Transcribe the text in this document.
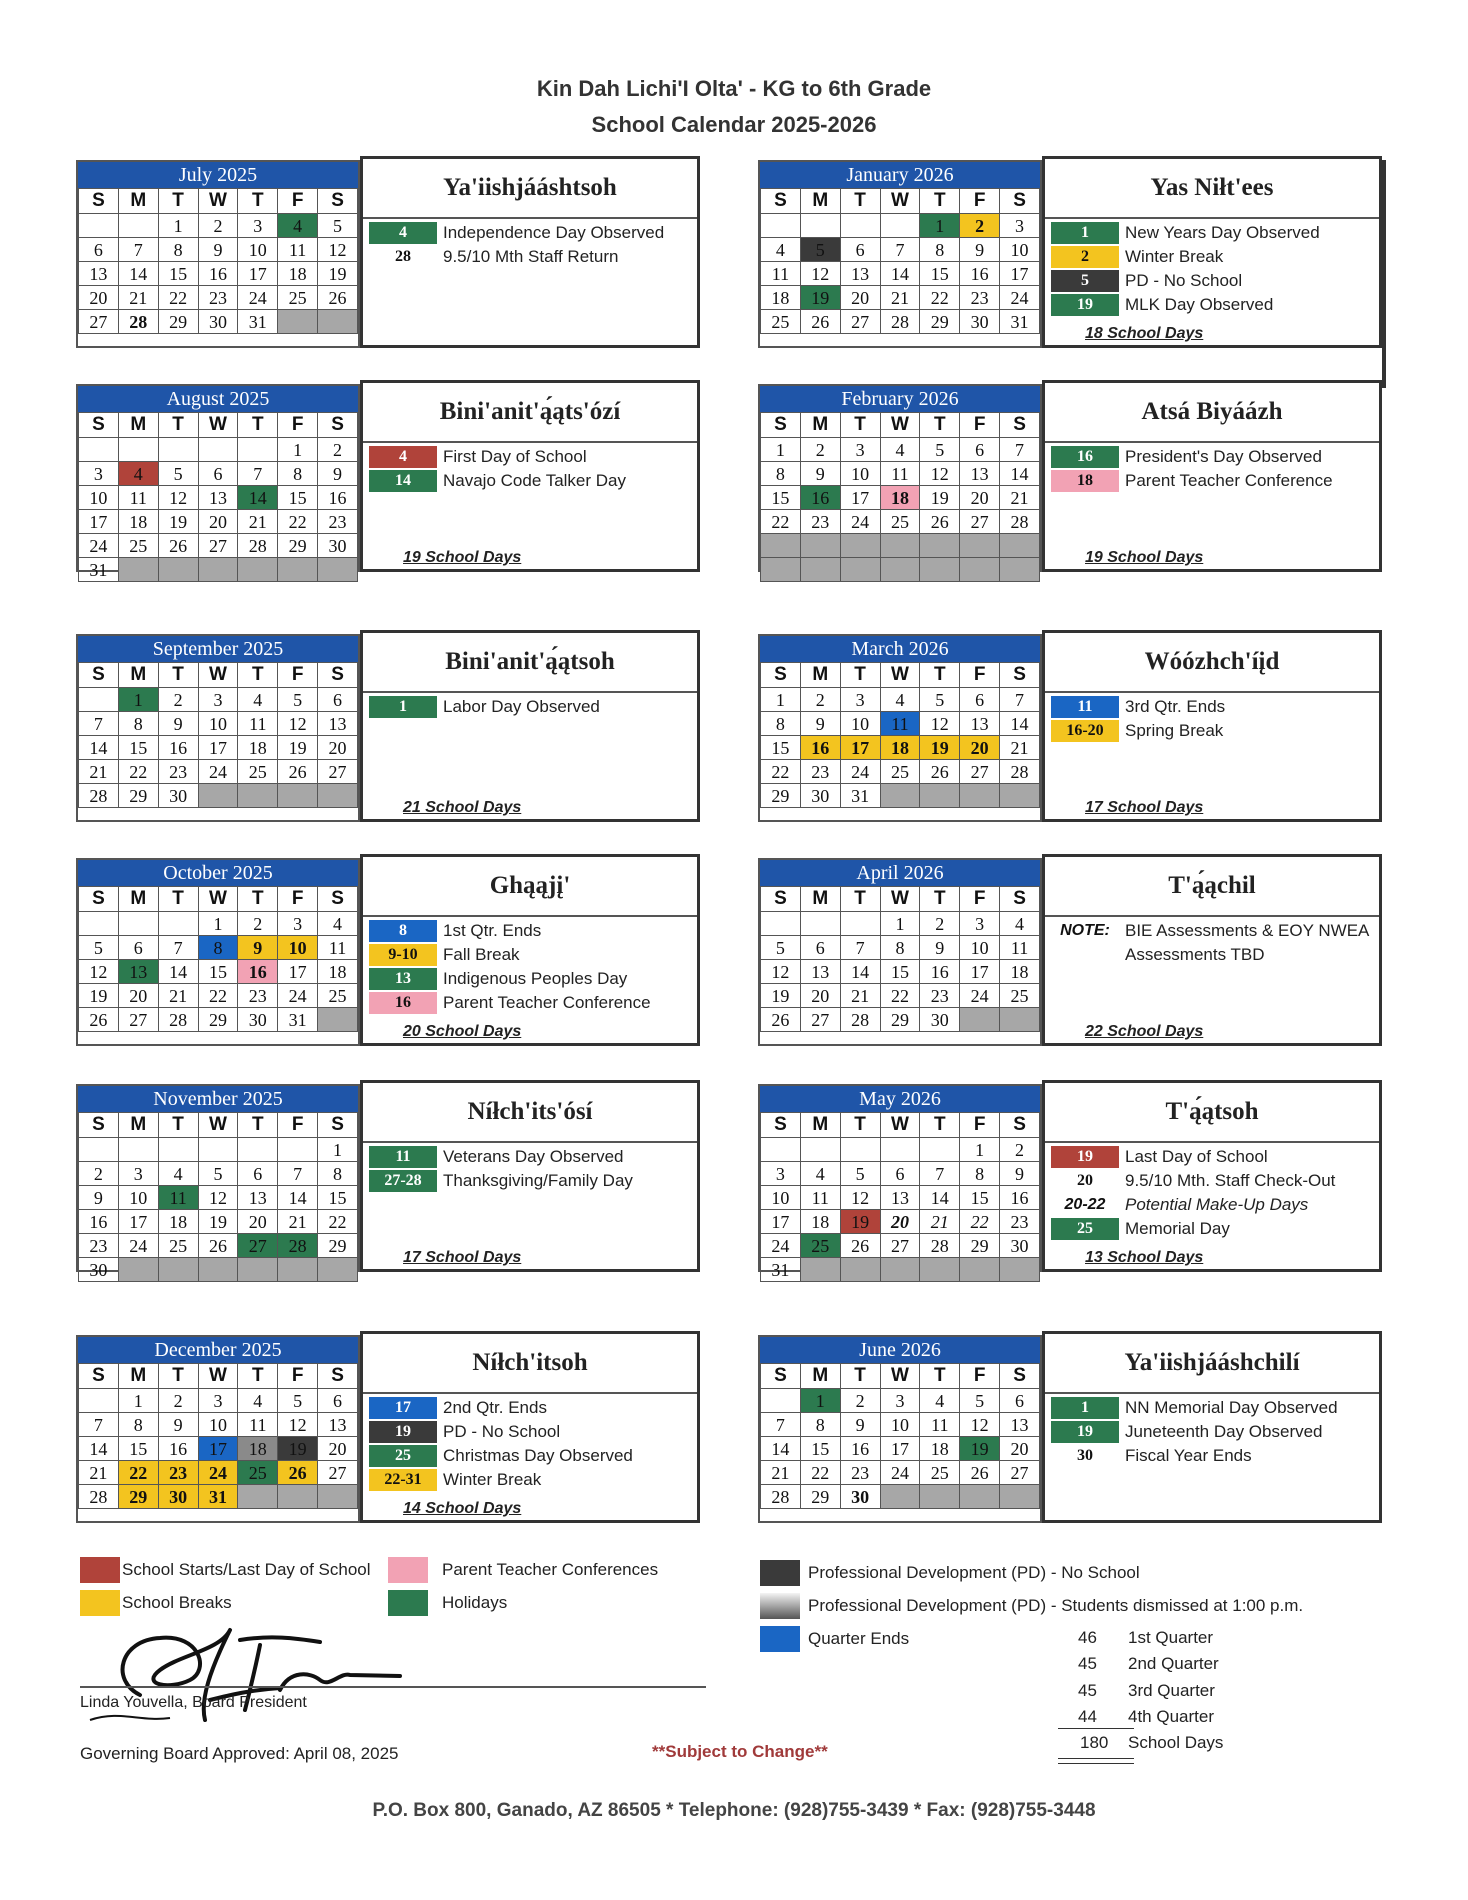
Kin Dah Lichi'I Olta' - KG to 6th Grade
School Calendar 2025-2026
July 2025
S	M	T	W	T	F	S
		1	2	3	4	5
6	7	8	9	10	11	12
13	14	15	16	17	18	19
20	21	22	23	24	25	26
27	28	29	30	31		
Ya'iishjááshtsoh
4	Independence Day Observed
28	9.5/10 Mth Staff Return
January 2026
S	M	T	W	T	F	S
				1	2	3
4	5	6	7	8	9	10
11	12	13	14	15	16	17
18	19	20	21	22	23	24
25	26	27	28	29	30	31
Yas Niłt'ees
1	New Years Day Observed
2	Winter Break
5	PD - No School
19	MLK Day Observed
18 School Days
August 2025
S	M	T	W	T	F	S
					1	2
3	4	5	6	7	8	9
10	11	12	13	14	15	16
17	18	19	20	21	22	23
24	25	26	27	28	29	30
31						
Bini'anit'ą́ąts'ózí
4	First Day of School
14	Navajo Code Talker Day
19 School Days
February 2026
S	M	T	W	T	F	S
1	2	3	4	5	6	7
8	9	10	11	12	13	14
15	16	17	18	19	20	21
22	23	24	25	26	27	28

Atsá Biyáázh
16	President's Day Observed
18	Parent Teacher Conference
19 School Days
September 2025
S	M	T	W	T	F	S
	1	2	3	4	5	6
7	8	9	10	11	12	13
14	15	16	17	18	19	20
21	22	23	24	25	26	27
28	29	30				
Bini'anit'ą́ątsoh
1	Labor Day Observed
21 School Days
March 2026
S	M	T	W	T	F	S
1	2	3	4	5	6	7
8	9	10	11	12	13	14
15	16	17	18	19	20	21
22	23	24	25	26	27	28
29	30	31				
Wóózhch'íįd
11	3rd Qtr. Ends
16-20	Spring Break
17 School Days
October 2025
S	M	T	W	T	F	S
			1	2	3	4
5	6	7	8	9	10	11
12	13	14	15	16	17	18
19	20	21	22	23	24	25
26	27	28	29	30	31	
Ghąąjį'
8	1st Qtr. Ends
9-10	Fall Break
13	Indigenous Peoples Day
16	Parent Teacher Conference
20 School Days
April 2026
S	M	T	W	T	F	S
			1	2	3	4
5	6	7	8	9	10	11
12	13	14	15	16	17	18
19	20	21	22	23	24	25
26	27	28	29	30		
T'ą́ąchil
NOTE: BIE Assessments & EOY NWEA
Assessments TBD
22 School Days
November 2025
S	M	T	W	T	F	S
						1
2	3	4	5	6	7	8
9	10	11	12	13	14	15
16	17	18	19	20	21	22
23	24	25	26	27	28	29
30						
Níłch'its'ósí
11	Veterans Day Observed
27-28	Thanksgiving/Family Day
17 School Days
May 2026
S	M	T	W	T	F	S
					1	2
3	4	5	6	7	8	9
10	11	12	13	14	15	16
17	18	19	20	21	22	23
24	25	26	27	28	29	30
31						
T'ą́ątsoh
19	Last Day of School
20	9.5/10 Mth. Staff Check-Out
20-22	Potential Make-Up Days
25	Memorial Day
13 School Days
December 2025
S	M	T	W	T	F	S
	1	2	3	4	5	6
7	8	9	10	11	12	13
14	15	16	17	18	19	20
21	22	23	24	25	26	27
28	29	30	31			
Níłch'itsoh
17	2nd Qtr. Ends
19	PD - No School
25	Christmas Day Observed
22-31	Winter Break
14 School Days
June 2026
S	M	T	W	T	F	S
	1	2	3	4	5	6
7	8	9	10	11	12	13
14	15	16	17	18	19	20
21	22	23	24	25	26	27
28	29	30				
Ya'iishjááshchilí
1	NN Memorial Day Observed
19	Juneteenth Day Observed
30	Fiscal Year Ends
School Starts/Last Day of School
School Breaks
Parent Teacher Conferences
Holidays
Professional Development (PD) - No School
Professional Development (PD) - Students dismissed at 1:00 p.m.
Quarter Ends	46 1st Quarter
45 2nd Quarter
45 3rd Quarter
44 4th Quarter
180 School Days
Linda Youvella, Board President
Governing Board Approved: April 08, 2025	**Subject to Change**
P.O. Box 800, Ganado, AZ 86505 * Telephone: (928)755-3439 * Fax: (928)755-3448
